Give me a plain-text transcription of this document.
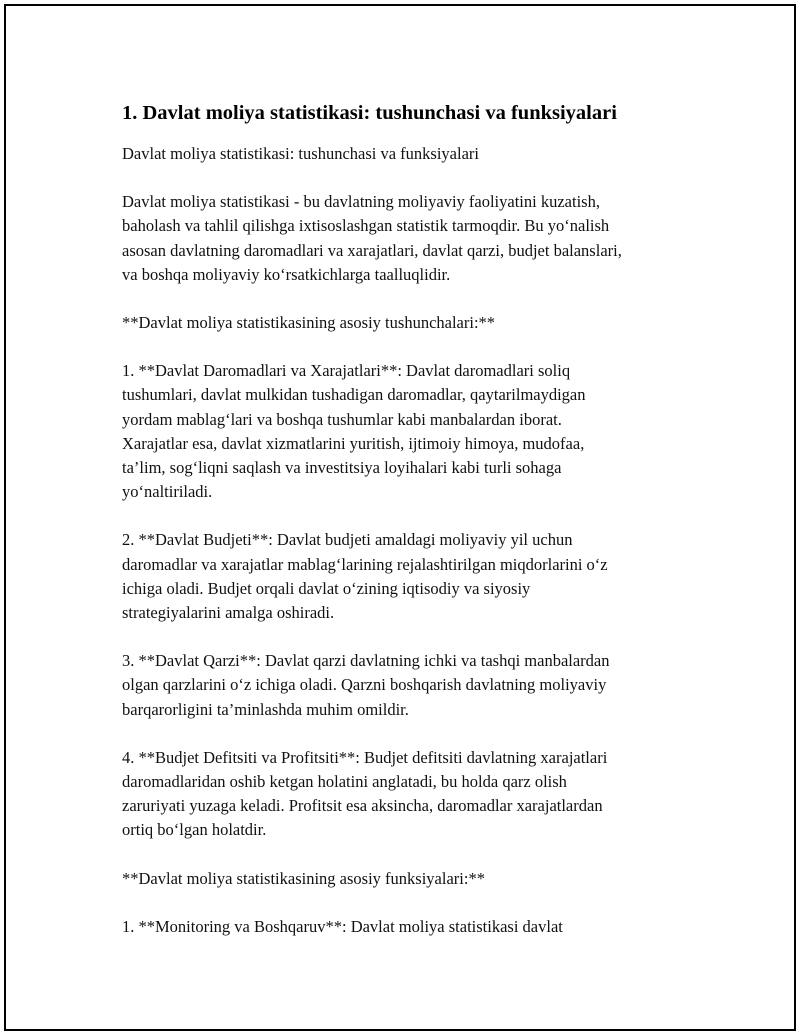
1. Davlat moliya statistikasi: tushunchasi va funksiyalari

Davlat moliya statistikasi: tushunchasi va funksiyalari

Davlat moliya statistikasi - bu davlatning moliyaviy faoliyatini kuzatish,
baholash va tahlil qilishga ixtisoslashgan statistik tarmoqdir. Bu yo‘nalish
asosan davlatning daromadlari va xarajatlari, davlat qarzi, budjet balanslari,
va boshqa moliyaviy ko‘rsatkichlarga taalluqlidir.

**Davlat moliya statistikasining asosiy tushunchalari:**

1. **Davlat Daromadlari va Xarajatlari**: Davlat daromadlari soliq
tushumlari, davlat mulkidan tushadigan daromadlar, qaytarilmaydigan
yordam mablag‘lari va boshqa tushumlar kabi manbalardan iborat.
Xarajatlar esa, davlat xizmatlarini yuritish, ijtimoiy himoya, mudofaa,
ta’lim, sog‘liqni saqlash va investitsiya loyihalari kabi turli sohaga
yo‘naltiriladi.

2. **Davlat Budjeti**: Davlat budjeti amaldagi moliyaviy yil uchun
daromadlar va xarajatlar mablag‘larining rejalashtirilgan miqdorlarini o‘z
ichiga oladi. Budjet orqali davlat o‘zining iqtisodiy va siyosiy
strategiyalarini amalga oshiradi.

3. **Davlat Qarzi**: Davlat qarzi davlatning ichki va tashqi manbalardan
olgan qarzlarini o‘z ichiga oladi. Qarzni boshqarish davlatning moliyaviy
barqarorligini ta’minlashda muhim omildir.

4. **Budjet Defitsiti va Profitsiti**: Budjet defitsiti davlatning xarajatlari
daromadlaridan oshib ketgan holatini anglatadi, bu holda qarz olish
zaruriyati yuzaga keladi. Profitsit esa aksincha, daromadlar xarajatlardan
ortiq bo‘lgan holatdir.

**Davlat moliya statistikasining asosiy funksiyalari:**

1. **Monitoring va Boshqaruv**: Davlat moliya statistikasi davlat
